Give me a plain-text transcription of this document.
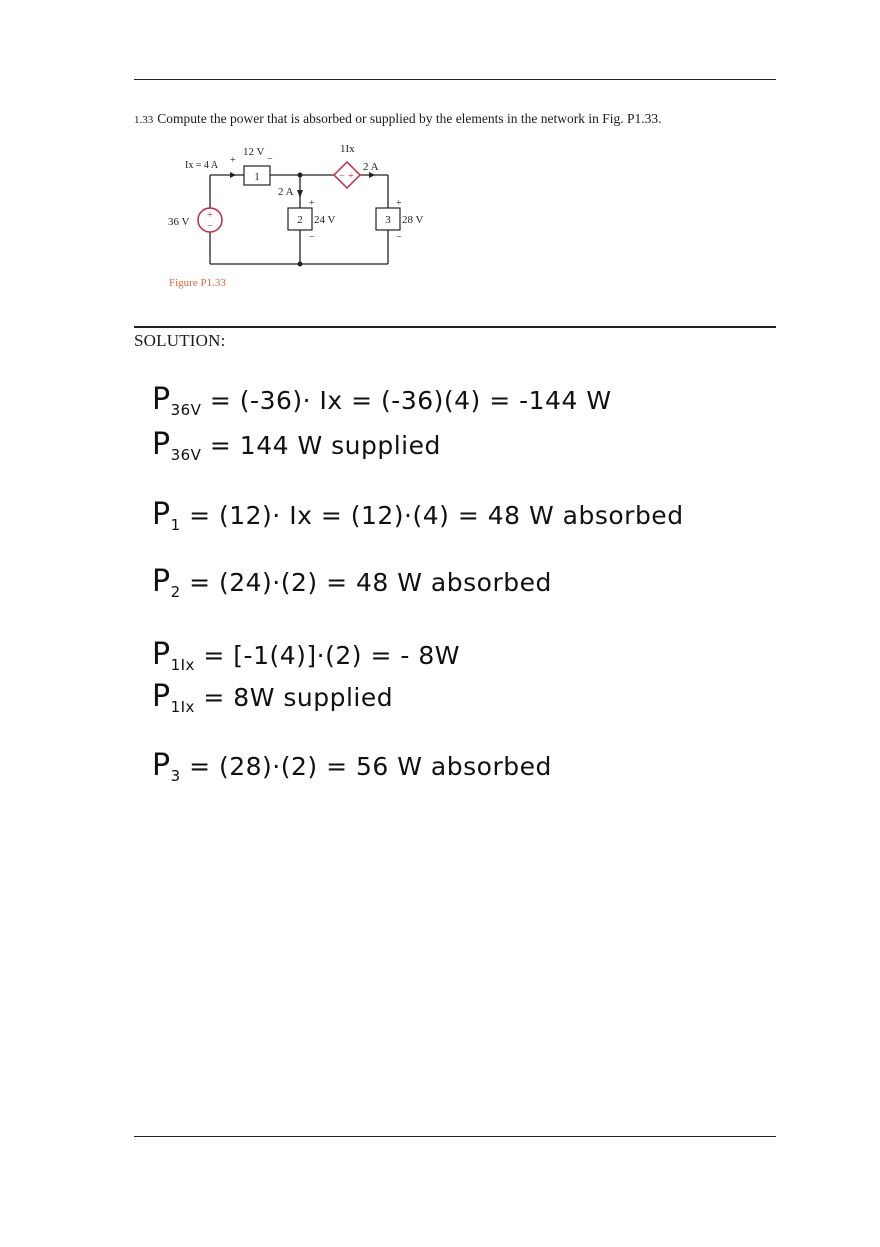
1.33 Compute the power that is absorbed or supplied by the elements in the network in Fig. P1.33.
1
2	3
+
−
− +
Ix = 4 A
12 V
+	−
1Ix
2 A
2 A
36 V	24 V	28 V
+
−
+
−
Figure P1.33
SOLUTION:
$P_{36V} = (-36)\cdot Ix = (-36)(4) = -144$ W
$P_{36V} = 144$ W supplied
$P_1 = (12)\cdot Ix = (12)\cdot(4) = 48$ W absorbed
$P_2 = (24)\cdot(2) = 48$ W absorbed
$P_{1Ix} = [-1(4)]\cdot(2)$ = - 8W
$P_{1Ix} = 8W$ supplied
$P_3 = (28)\cdot(2) = 56$ W absorbed
